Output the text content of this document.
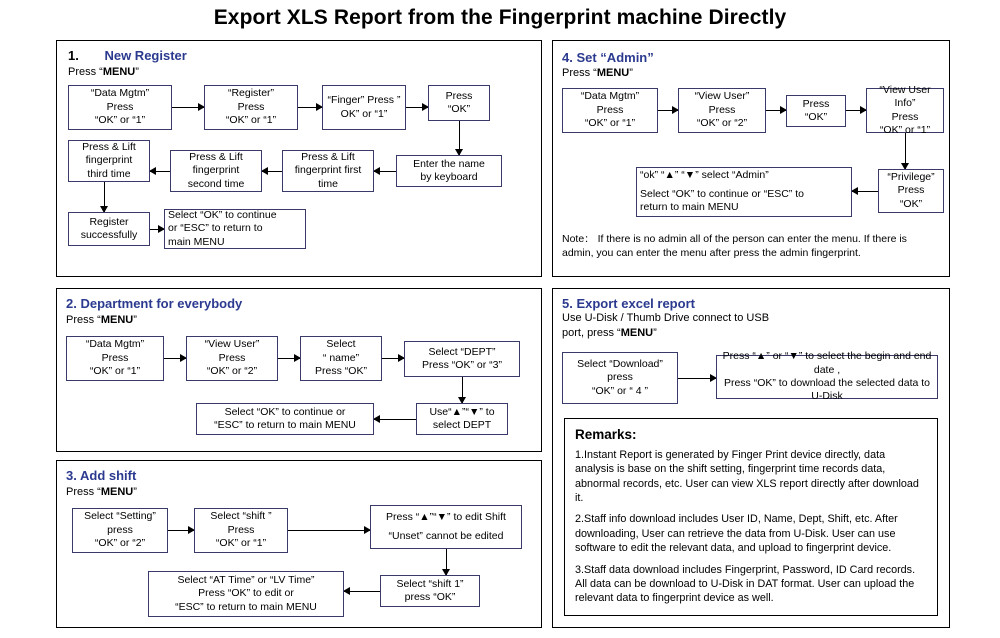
Export XLS Report from the Fingerprint machine Directly
1. New Register
Press “MENU”
“Data Mgtm”
Press
“OK” or “1”
“Register”
Press
“OK” or “1”
“Finger” Press ”
OK” or “1”
Press
“OK”
Enter the name
by keyboard
Press & Lift
fingerprint first
time
Press & Lift
fingerprint
second time
Press & Lift
fingerprint
third time
Register
successfully
Select “OK” to continue
or “ESC” to return to
main MENU
4. Set “Admin”
Press “MENU”
“Data Mgtm”
Press
“OK” or “1”
“View User”
Press
“OK” or “2”
Press
“OK”
“View User Info”
Press
“OK” or “1”
“Privilege”
Press
“OK”
“ok” “▲” “▼” select “Admin”
Select “OK” to continue or “ESC” to
return to main MENU
Note： If there is no admin all of the person can enter the menu. If there is admin, you can enter the menu after press the admin fingerprint.
2. Department for everybody
Press “MENU”
“Data Mgtm”
Press
“OK” or “1”
“View User”
Press
“OK” or “2”
Select
“ name”
Press “OK”
Select “DEPT”
Press “OK” or “3”
Use“▲”“▼” to
select DEPT
Select “OK” to continue or
“ESC” to return to main MENU
3. Add shift
Press “MENU”
Select “Setting”
press
“OK” or “2”
Select “shift ”
Press
“OK” or “1”
Press “▲”“▼” to edit Shift
“Unset” cannot be edited
Select “shift 1”
press “OK”
Select “AT Time” or “LV Time”
Press “OK” to edit or
“ESC” to return to main MENU
5. Export excel report
Use U-Disk / Thumb Drive connect to USB
port, press “MENU”
Select “Download”
press
“OK” or “ 4 ”
Press “▲” or “▼” to select the begin and end date ,
Press “OK” to download the selected data to U-Disk
Remarks:
1.Instant Report is generated by Finger Print device directly, data analysis is base on the shift setting, fingerprint time records data, abnormal records, etc. User can view XLS report directly after download it.
2.Staff info download includes User ID, Name, Dept, Shift, etc. After downloading, User can retrieve the data from U-Disk. User can use software to edit the relevant data, and upload to fingerprint device.
3.Staff data download includes Fingerprint, Password, ID Card records. All data can be download to U-Disk in DAT format. User can upload the relevant data to fingerprint device as well.
